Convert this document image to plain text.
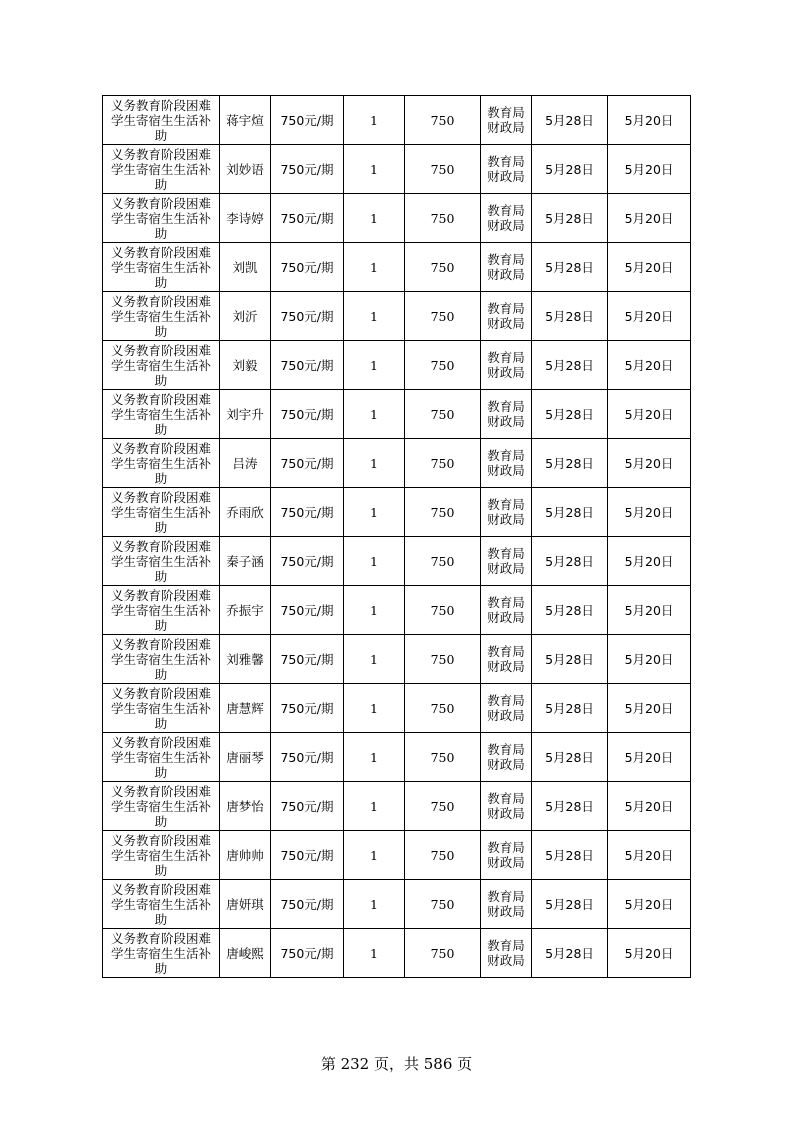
义务教育阶段困难
学生寄宿生生活补
助	蒋宇煊	750元/期	1	750	教育局
财政局	5月28日	5月20日

义务教育阶段困难
学生寄宿生生活补
助	刘妙语	750元/期	1	750	教育局
财政局	5月28日	5月20日

义务教育阶段困难
学生寄宿生生活补
助	李诗婷	750元/期	1	750	教育局
财政局	5月28日	5月20日

义务教育阶段困难
学生寄宿生生活补
助	刘凯	750元/期	1	750	教育局
财政局	5月28日	5月20日

义务教育阶段困难
学生寄宿生生活补
助	刘沂	750元/期	1	750	教育局
财政局	5月28日	5月20日

义务教育阶段困难
学生寄宿生生活补
助	刘毅	750元/期	1	750	教育局
财政局	5月28日	5月20日

义务教育阶段困难
学生寄宿生生活补
助	刘宇升	750元/期	1	750	教育局
财政局	5月28日	5月20日

义务教育阶段困难
学生寄宿生生活补
助	吕涛	750元/期	1	750	教育局
财政局	5月28日	5月20日

义务教育阶段困难
学生寄宿生生活补
助	乔雨欣	750元/期	1	750	教育局
财政局	5月28日	5月20日

义务教育阶段困难
学生寄宿生生活补
助	秦子涵	750元/期	1	750	教育局
财政局	5月28日	5月20日

义务教育阶段困难
学生寄宿生生活补
助	乔振宇	750元/期	1	750	教育局
财政局	5月28日	5月20日

义务教育阶段困难
学生寄宿生生活补
助	刘雅馨	750元/期	1	750	教育局
财政局	5月28日	5月20日

义务教育阶段困难
学生寄宿生生活补
助	唐慧辉	750元/期	1	750	教育局
财政局	5月28日	5月20日

义务教育阶段困难
学生寄宿生生活补
助	唐丽琴	750元/期	1	750	教育局
财政局	5月28日	5月20日

义务教育阶段困难
学生寄宿生生活补
助	唐梦怡	750元/期	1	750	教育局
财政局	5月28日	5月20日

义务教育阶段困难
学生寄宿生生活补
助	唐帅帅	750元/期	1	750	教育局
财政局	5月28日	5月20日

义务教育阶段困难
学生寄宿生生活补
助	唐妍琪	750元/期	1	750	教育局
财政局	5月28日	5月20日

义务教育阶段困难
学生寄宿生生活补
助	唐峻熙	750元/期	1	750	教育局
财政局	5月28日	5月20日
第 232 页，共 586 页
